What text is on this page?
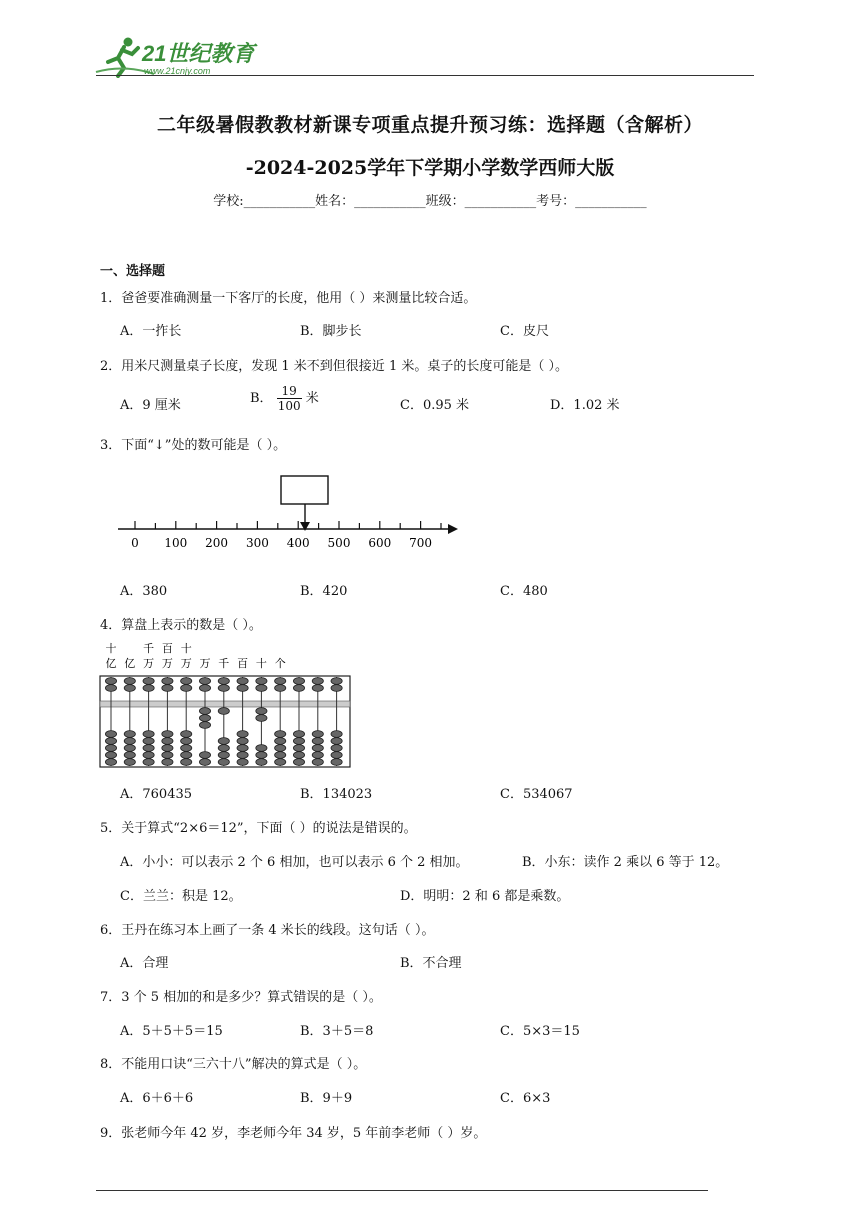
21世纪教育
www.21cnjy.com
二年级暑假教教材新课专项重点提升预习练：选择题（含解析）
-2024-2025学年下学期小学数学西师大版
学校:___________姓名：___________班级：___________考号：___________
一、选择题
1．爸爸要准确测量一下客厅的长度，他用（ ）来测量比较合适。
A．一拃长	B．脚步长	C．皮尺
2．用米尺测量桌子长度，发现 1 米不到但很接近 1 米。桌子的长度可能是（ ）。
A．9 厘米	B． $\frac{19}{100}$ 米	C．0.95 米	D．1.02 米
3．下面“↓”处的数可能是（ ）。
0 100 200 300 400 500 600 700
A．380	B．420	C．480
4．算盘上表示的数是（ ）。
十 千 百 十
亿 亿 万 万 万 万 千 百 十 个
A．760435	B．134023	C．534067
5．关于算式“2×6＝12”，下面（ ）的说法是错误的。
A．小小：可以表示 2 个 6 相加，也可以表示 6 个 2 相加。	B．小东：读作 2 乘以 6 等于 12。
C．兰兰：积是 12。	D．明明：2 和 6 都是乘数。
6．王丹在练习本上画了一条 4 米长的线段。这句话（ ）。
A．合理	B．不合理
7．3 个 5 相加的和是多少？算式错误的是（ ）。
A．5＋5＋5＝15	B．3＋5＝8	C．5×3＝15
8．不能用口诀“三六十八”解决的算式是（ ）。
A．6＋6＋6	B．9＋9	C．6×3
9．张老师今年 42 岁，李老师今年 34 岁，5 年前李老师（ ）岁。
